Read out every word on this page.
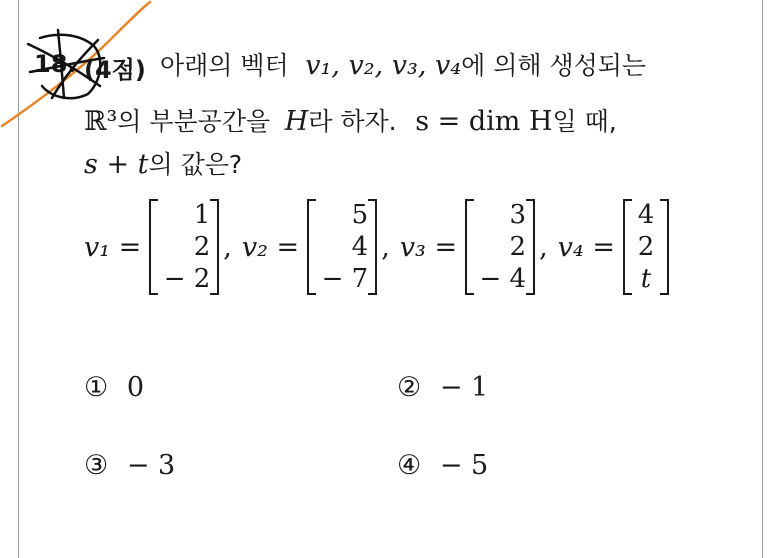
18. (4점) 아래의 벡터 v₁, v₂, v₃, v₄에 의해 생성되는
ℝ³의 부분공간을 H라 하자. s = dim H일 때,
s + t의 값은?
v₁ =
1
2
− 2
, v₂ =
5
4
− 7
, v₃ =
3
2
− 4
, v₄ =
4
2
t
① 0	② − 1
③ − 3	④ − 5
